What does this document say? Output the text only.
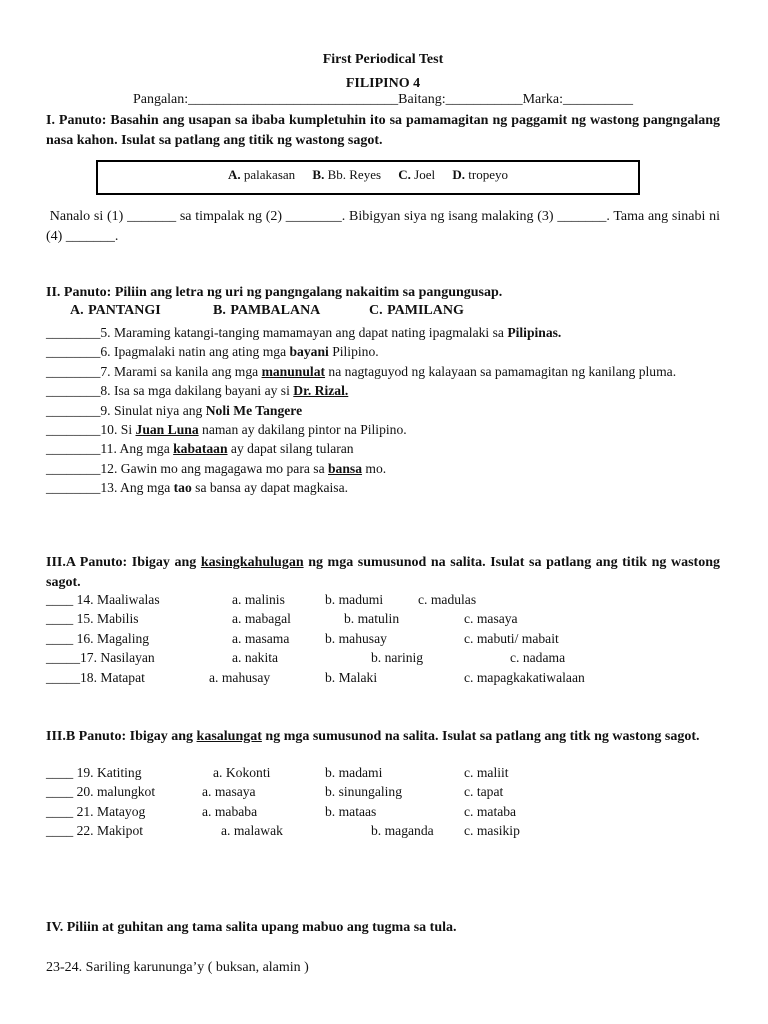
First Periodical Test
FILIPINO 4
Pangalan:______________________________Baitang:___________Marka:__________

I. Panuto: Basahin ang usapan sa ibaba kumpletuhin ito sa pamamagitan ng paggamit ng wastong pangngalang nasa kahon. Isulat sa patlang ang titik ng wastong sagot.

A. palakasan B. Bb. Reyes C. Joel D. tropeyo

Nanalo si (1) _______ sa timpalak ng (2) ________. Bibigyan siya ng isang malaking (3) _______. Tama ang sinabi ni (4) _______.

II. Panuto: Piliin ang letra ng uri ng pangngalang nakaitim sa pangungusap.

A. PANTANGI	B. PAMBALANA	C. PAMILANG

________5. Maraming katangi-tanging mamamayan ang dapat nating ipagmalaki sa Pilipinas.

________6. Ipagmalaki natin ang ating mga bayani Pilipino.

________7. Marami sa kanila ang mga manunulat na nagtaguyod ng kalayaan sa pamamagitan ng kanilang pluma.

________8. Isa sa mga dakilang bayani ay si Dr. Rizal.

________9. Sinulat niya ang Noli Me Tangere

________10. Si Juan Luna naman ay dakilang pintor na Pilipino.

________11. Ang mga kabataan ay dapat silang tularan

________12. Gawin mo ang magagawa mo para sa bansa mo.

________13. Ang mga tao sa bansa ay dapat magkaisa.

III.A Panuto: Ibigay ang kasingkahulugan ng mga sumusunod na salita. Isulat sa patlang ang titik ng wastong sagot.

____ 14. Maaliwalas	a. malinis	b. madumi	c. madulas
____ 15. Mabilis	a. mabagal	b. matulin	c. masaya
____ 16. Magaling	a. masama	b. mahusay	c. mabuti/ mabait
_____17. Nasilayan	a. nakita	b. narinig	c. nadama
_____18. Matapat	a. mahusay	b. Malaki	c. mapagkakatiwalaan

III.B Panuto: Ibigay ang kasalungat ng mga sumusunod na salita. Isulat sa patlang ang titk ng wastong sagot.

____ 19. Katiting	a. Kokonti	b. madami	c. maliit
____ 20. malungkot	a. masaya	b. sinungaling	c. tapat
____ 21. Matayog	a. mababa	b. mataas	c. mataba
____ 22. Makipot	a. malawak	b. maganda c. masikip

IV. Piliin at guhitan ang tama salita upang mabuo ang tugma sa tula.

23-24. Sariling karununga’y ( buksan, alamin )
